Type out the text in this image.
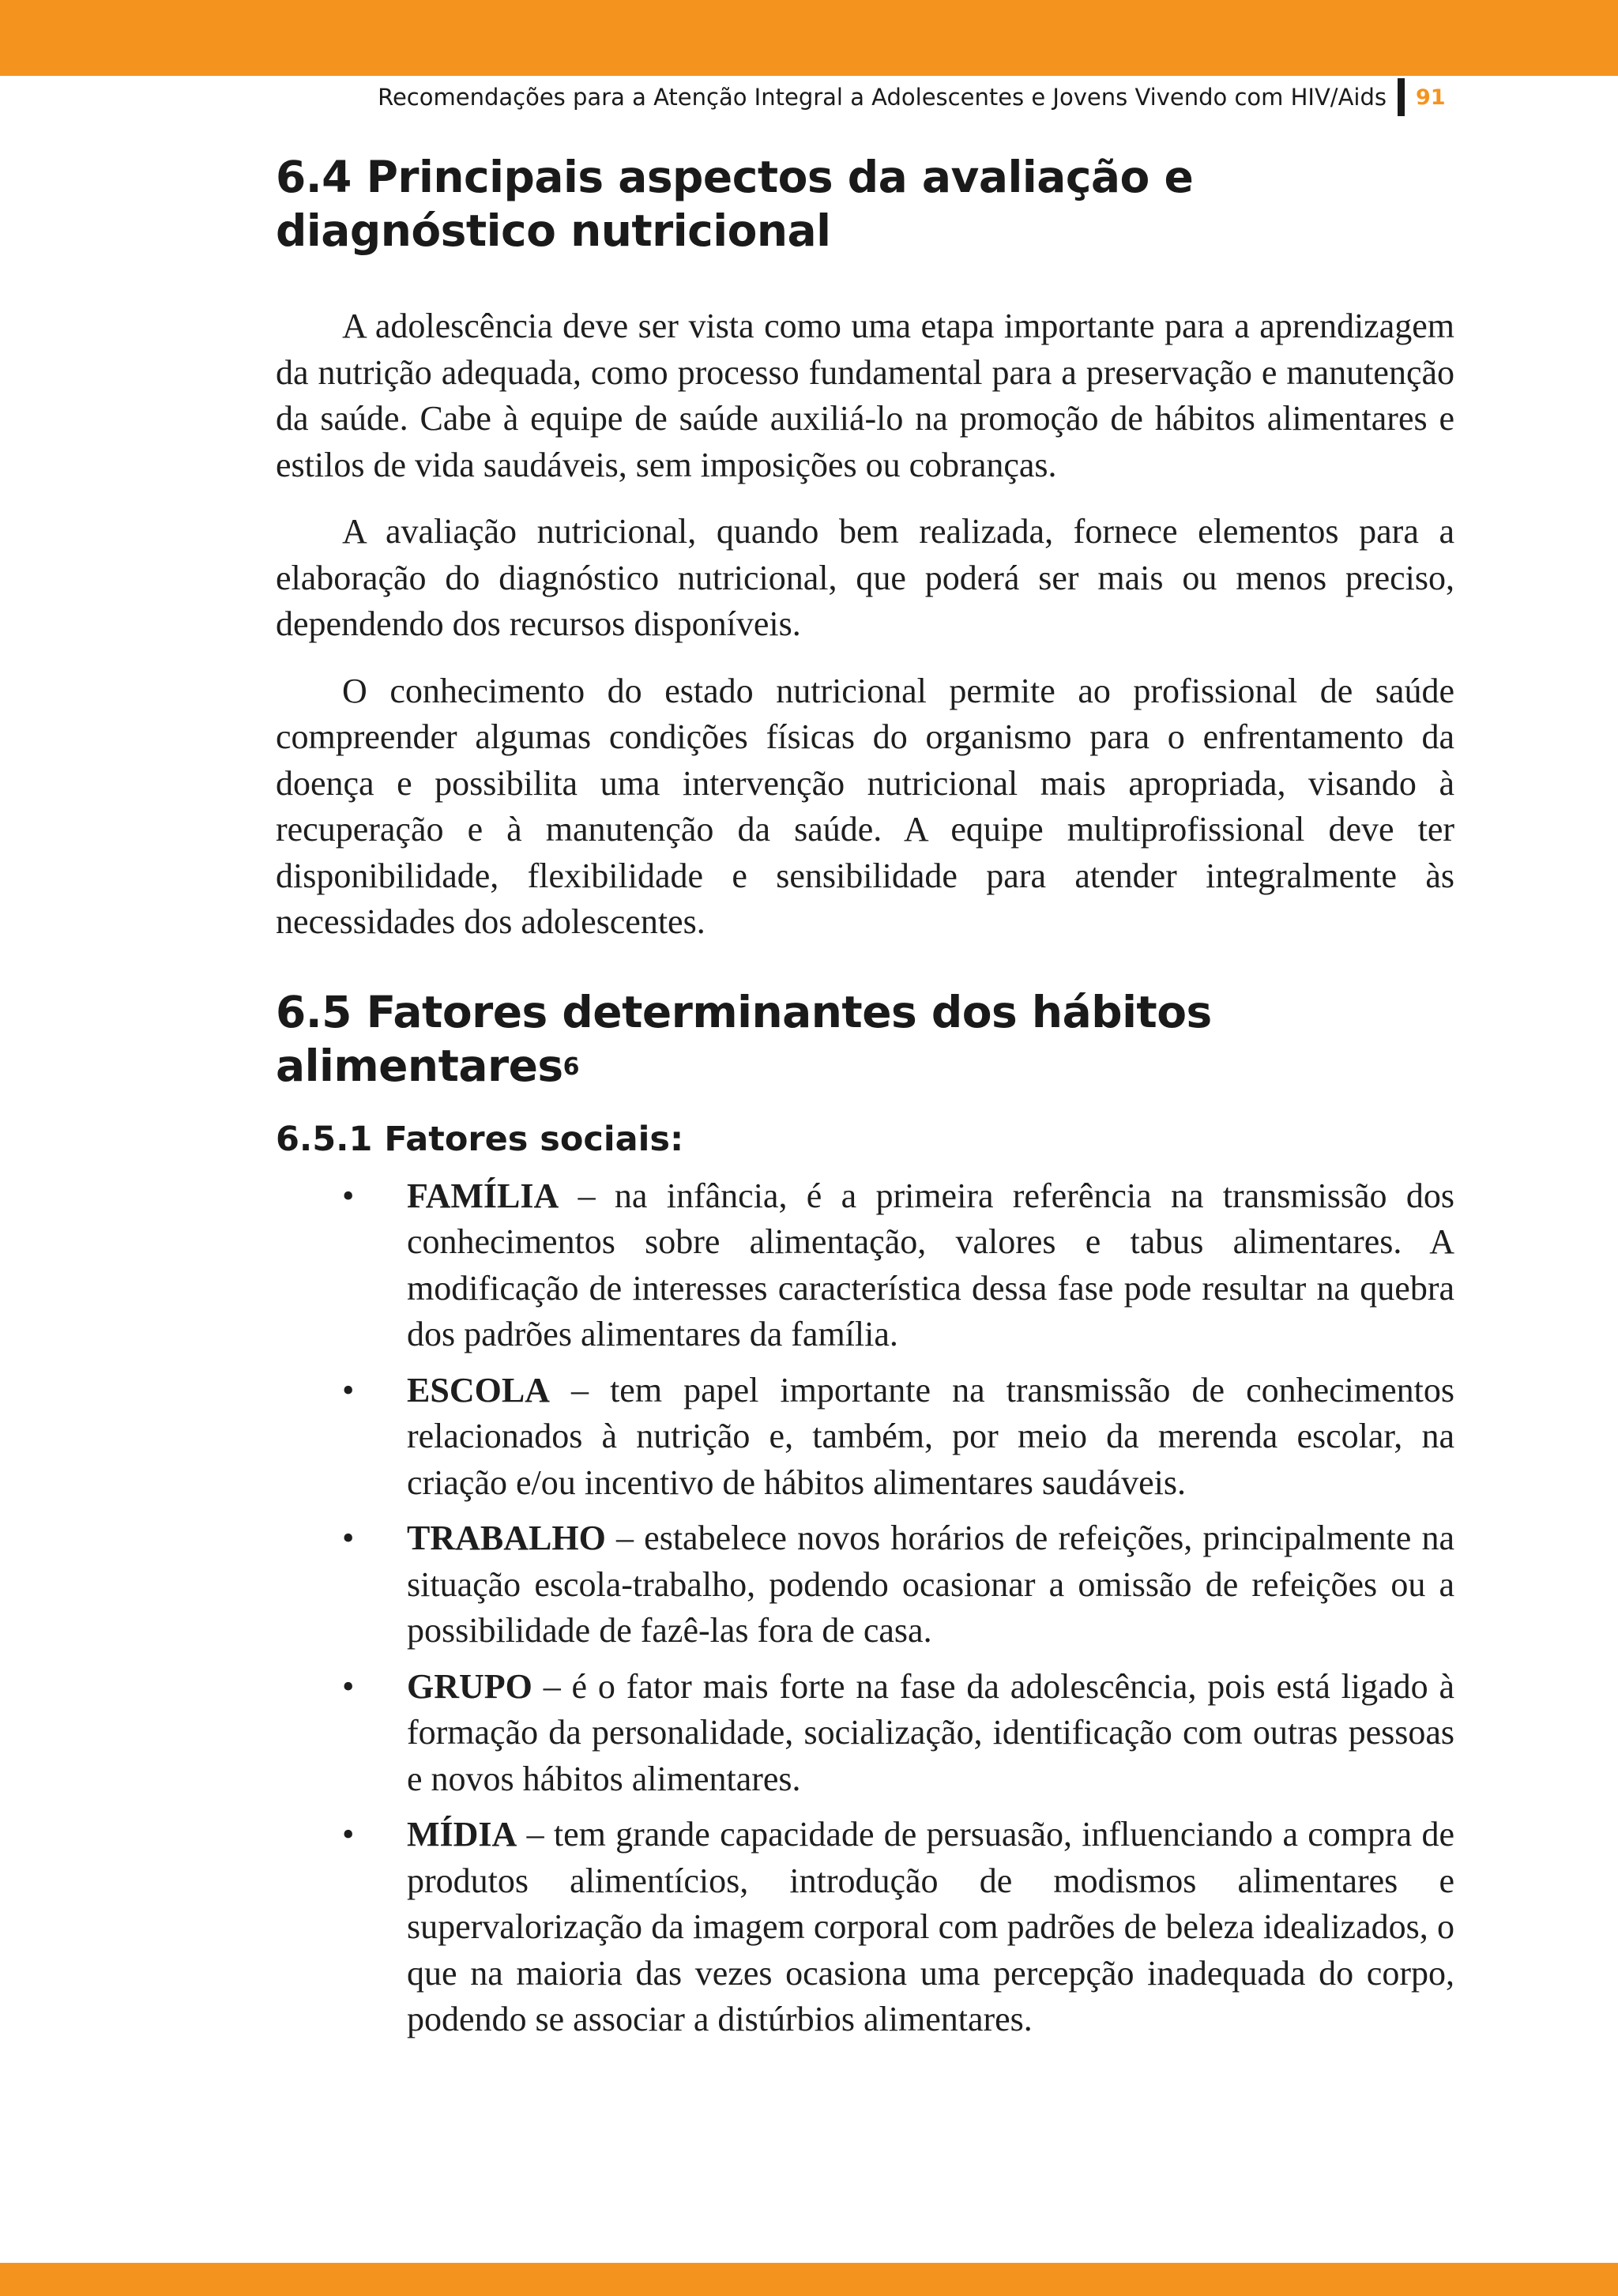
Recomendações para a Atenção Integral a Adolescentes e Jovens Vivendo com HIV/Aids 91
6.4 Principais aspectos da avaliação e diagnóstico nutricional

A adolescência deve ser vista como uma etapa importante para a aprendizagem da nutrição adequada, como processo fundamental para a preservação e manutenção da saúde. Cabe à equipe de saúde auxiliá-lo na promoção de hábitos alimentares e estilos de vida saudáveis, sem imposições ou cobranças.

A avaliação nutricional, quando bem realizada, fornece elementos para a elaboração do diagnóstico nutricional, que poderá ser mais ou menos preciso, dependendo dos recursos disponíveis.

O conhecimento do estado nutricional permite ao profissional de saúde compreender algumas condições físicas do organismo para o enfrentamento da doença e possibilita uma intervenção nutricional mais apropriada, visando à recuperação e à manutenção da saúde. A equipe multiprofissional deve ter disponibilidade, flexibilidade e sensibilidade para atender integralmente às necessidades dos adolescentes.

6.5 Fatores determinantes dos hábitos alimentares$^6$
6.5.1 Fatores sociais:
• FAMÍLIA – na infância, é a primeira referência na transmissão dos conhecimentos sobre alimentação, valores e tabus alimentares. A modificação de interesses característica dessa fase pode resultar na quebra dos padrões alimentares da família.
• ESCOLA – tem papel importante na transmissão de conhecimentos relacionados à nutrição e, também, por meio da merenda escolar, na criação e/ou incentivo de hábitos alimentares saudáveis.
• TRABALHO – estabelece novos horários de refeições, principalmente na situação escola-trabalho, podendo ocasionar a omissão de refeições ou a possibilidade de fazê-las fora de casa.
• GRUPO – é o fator mais forte na fase da adolescência, pois está ligado à formação da personalidade, socialização, identificação com outras pessoas e novos hábitos alimentares.
• MÍDIA – tem grande capacidade de persuasão, influenciando a compra de produtos alimentícios, introdução de modismos alimentares e supervalorização da imagem corporal com padrões de beleza idealizados, o que na maioria das vezes ocasiona uma percepção inadequada do corpo, podendo se associar a distúrbios alimentares.
